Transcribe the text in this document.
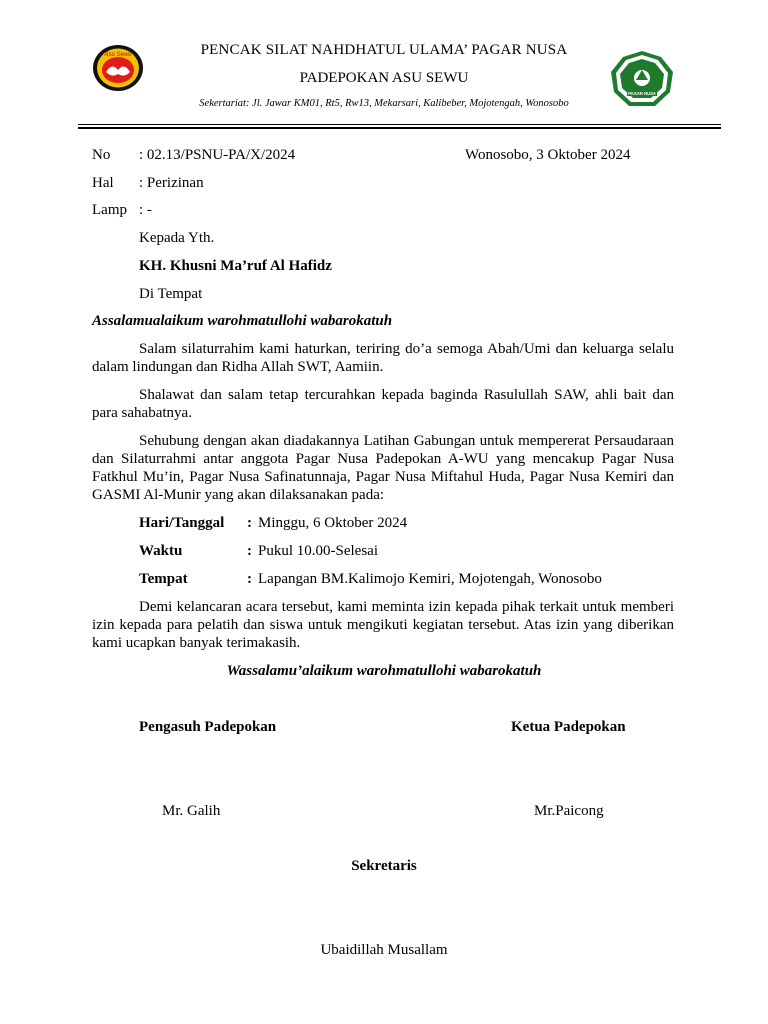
Asu Sewu
PAGAR NUSA
PENCAK SILAT NAHDHATUL ULAMA’ PAGAR NUSA
PADEPOKAN ASU SEWU
Sekertariat: Jl. Jawar KM01, Rt5, Rw13, Mekarsari, Kalibeber, Mojotengah, Wonosobo
No : 02.13/PSNU-PA/X/2024	Wonosobo, 3 Oktober 2024
Hal : Perizinan
Lamp : -
Kepada Yth.
KH. Khusni Ma’ruf Al Hafidz
Di Tempat
Assalamualaikum warohmatullohi wabarokatuh
Salam silaturrahim kami haturkan, teriring do’a semoga Abah/Umi dan keluarga selalu dalam lindungan dan Ridha Allah SWT, Aamiin.
Shalawat dan salam tetap tercurahkan kepada baginda Rasulullah SAW, ahli bait dan para sahabatnya.
Sehubung dengan akan diadakannya Latihan Gabungan untuk mempererat Persaudaraan dan Silaturrahmi antar anggota Pagar Nusa Padepokan A-WU yang mencakup Pagar Nusa Fatkhul Mu’in, Pagar Nusa Safinatunnaja, Pagar Nusa Miftahul Huda, Pagar Nusa Kemiri dan GASMI Al-Munir yang akan dilaksanakan pada:
Hari/Tanggal : Minggu, 6 Oktober 2024
Waktu	: Pukul 10.00-Selesai
Tempat	: Lapangan BM.Kalimojo Kemiri, Mojotengah, Wonosobo
Demi kelancaran acara tersebut, kami meminta izin kepada pihak terkait untuk memberi izin kepada para pelatih dan siswa untuk mengikuti kegiatan tersebut. Atas izin yang diberikan kami ucapkan banyak terimakasih.
Wassalamu’alaikum warohmatullohi wabarokatuh
Pengasuh Padepokan	Ketua Padepokan
Mr. Galih	Mr.Paicong
Sekretaris
Ubaidillah Musallam
